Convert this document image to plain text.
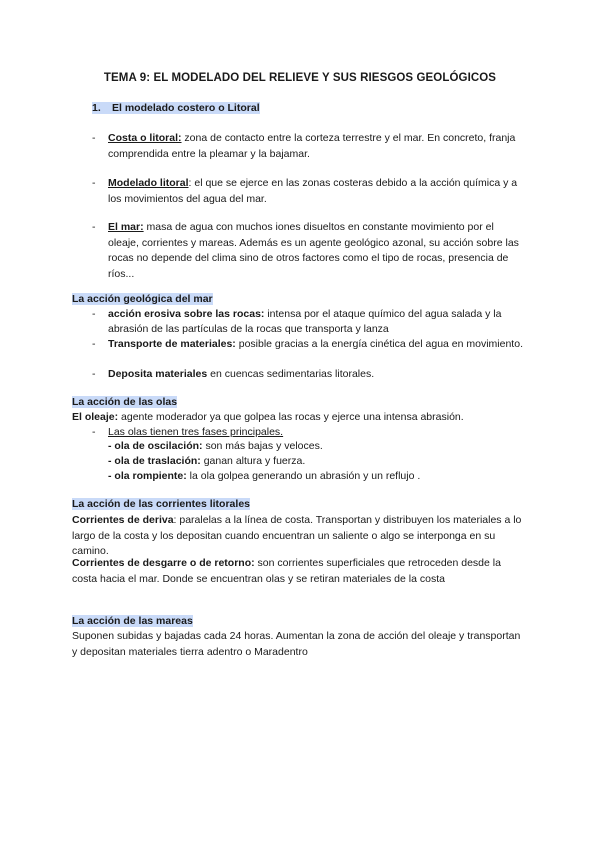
TEMA 9: EL MODELADO DEL RELIEVE Y SUS RIESGOS GEOLÓGICOS
1. El modelado costero o Litoral
- Costa o litoral: zona de contacto entre la corteza terrestre y el mar. En concreto, franja comprendida entre la pleamar y la bajamar.
- Modelado litoral: el que se ejerce en las zonas costeras debido a la acción química y a los movimientos del agua del mar.
- El mar: masa de agua con muchos iones disueltos en constante movimiento por el oleaje, corrientes y mareas. Además es un agente geológico azonal, su acción sobre las rocas no depende del clima sino de otros factores como el tipo de rocas, presencia de ríos...
La acción geológica del mar
- acción erosiva sobre las rocas: intensa por el ataque químico del agua salada y la abrasión de las partículas de la rocas que transporta y lanza
- Transporte de materiales: posible gracias a la energía cinética del agua en movimiento.
- Deposita materiales en cuencas sedimentarias litorales.
La acción de las olas
El oleaje: agente moderador ya que golpea las rocas y ejerce una intensa abrasión.
- Las olas tienen tres fases principales.
- ola de oscilación: son más bajas y veloces.
- ola de traslación: ganan altura y fuerza.
- ola rompiente: la ola golpea generando un abrasión y un reflujo .
La acción de las corrientes litorales
Corrientes de deriva: paralelas a la línea de costa. Transportan y distribuyen los materiales a lo largo de la costa y los depositan cuando encuentran un saliente o algo se interponga en su camino.
Corrientes de desgarre o de retorno: son corrientes superficiales que retroceden desde la costa hacia el mar. Donde se encuentran olas y se retiran materiales de la costa
La acción de las mareas
Suponen subidas y bajadas cada 24 horas. Aumentan la zona de acción del oleaje y transportan y depositan materiales tierra adentro o Maradentro
